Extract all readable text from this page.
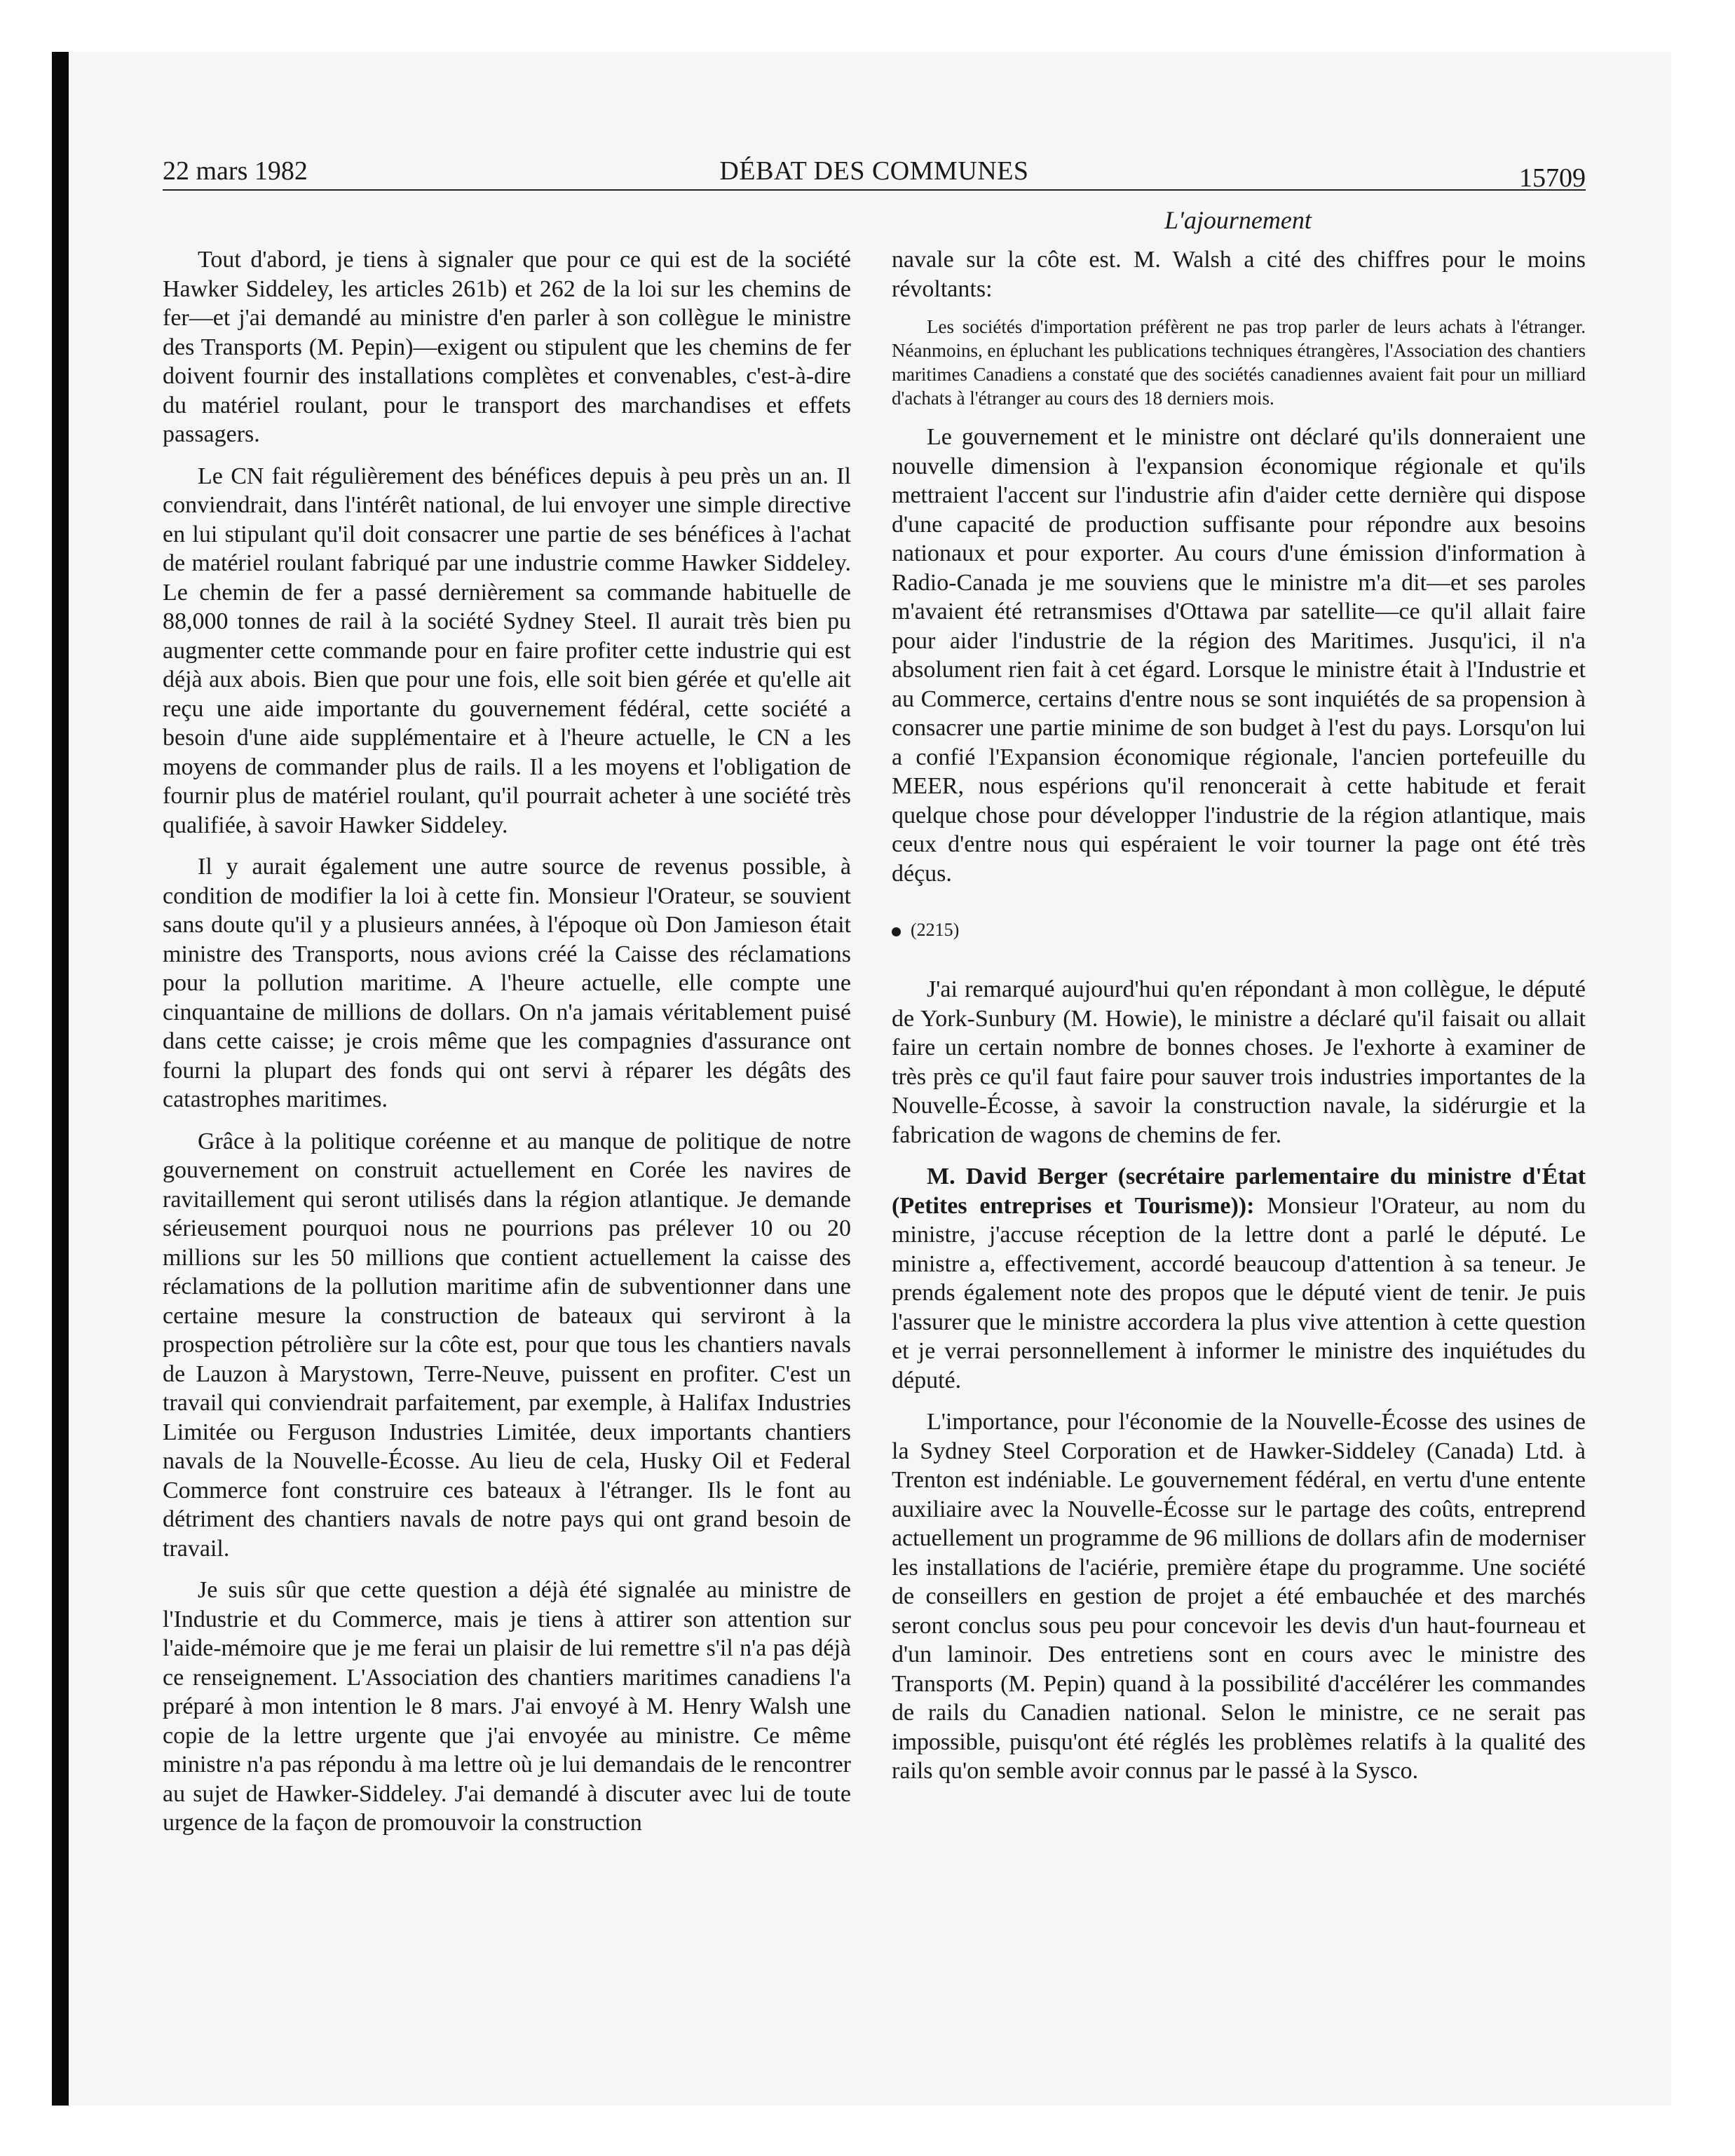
22 mars 1982	DÉBAT DES COMMUNES	15709
L'ajournement

Tout d'abord, je tiens à signaler que pour ce qui est de la société Hawker Siddeley, les articles 261b) et 262 de la loi sur les chemins de fer—et j'ai demandé au ministre d'en parler à son collègue le ministre des Transports (M. Pepin)—exigent ou stipulent que les chemins de fer doivent fournir des installations complètes et convenables, c'est-à-dire du matériel roulant, pour le transport des marchandises et effets passagers.

Le CN fait régulièrement des bénéfices depuis à peu près un an. Il conviendrait, dans l'intérêt national, de lui envoyer une simple directive en lui stipulant qu'il doit consacrer une partie de ses bénéfices à l'achat de matériel roulant fabriqué par une industrie comme Hawker Siddeley. Le chemin de fer a passé dernièrement sa commande habituelle de 88,000 tonnes de rail à la société Sydney Steel. Il aurait très bien pu augmenter cette commande pour en faire profiter cette industrie qui est déjà aux abois. Bien que pour une fois, elle soit bien gérée et qu'elle ait reçu une aide importante du gouvernement fédéral, cette société a besoin d'une aide supplémentaire et à l'heure actuelle, le CN a les moyens de commander plus de rails. Il a les moyens et l'obligation de fournir plus de matériel roulant, qu'il pourrait acheter à une société très qualifiée, à savoir Hawker Siddeley.

Il y aurait également une autre source de revenus possible, à condition de modifier la loi à cette fin. Monsieur l'Orateur, se souvient sans doute qu'il y a plusieurs années, à l'époque où Don Jamieson était ministre des Transports, nous avions créé la Caisse des réclamations pour la pollution maritime. A l'heure actuelle, elle compte une cinquantaine de millions de dollars. On n'a jamais véritablement puisé dans cette caisse; je crois même que les compagnies d'assurance ont fourni la plupart des fonds qui ont servi à réparer les dégâts des catastrophes maritimes.

Grâce à la politique coréenne et au manque de politique de notre gouvernement on construit actuellement en Corée les navires de ravitaillement qui seront utilisés dans la région atlantique. Je demande sérieusement pourquoi nous ne pourrions pas prélever 10 ou 20 millions sur les 50 millions que contient actuellement la caisse des réclamations de la pollution maritime afin de subventionner dans une certaine mesure la construction de bateaux qui serviront à la prospection pétrolière sur la côte est, pour que tous les chantiers navals de Lauzon à Marystown, Terre-Neuve, puissent en profiter. C'est un travail qui conviendrait parfaitement, par exemple, à Halifax Industries Limitée ou Ferguson Industries Limitée, deux importants chantiers navals de la Nouvelle-Écosse. Au lieu de cela, Husky Oil et Federal Commerce font construire ces bateaux à l'étranger. Ils le font au détriment des chantiers navals de notre pays qui ont grand besoin de travail.

Je suis sûr que cette question a déjà été signalée au ministre de l'Industrie et du Commerce, mais je tiens à attirer son attention sur l'aide-mémoire que je me ferai un plaisir de lui remettre s'il n'a pas déjà ce renseignement. L'Association des chantiers maritimes canadiens l'a préparé à mon intention le 8 mars. J'ai envoyé à M. Henry Walsh une copie de la lettre urgente que j'ai envoyée au ministre. Ce même ministre n'a pas répondu à ma lettre où je lui demandais de le rencontrer au sujet de Hawker-Siddeley. J'ai demandé à discuter avec lui de toute urgence de la façon de promouvoir la construction

navale sur la côte est. M. Walsh a cité des chiffres pour le moins révoltants:

Les sociétés d'importation préfèrent ne pas trop parler de leurs achats à l'étranger. Néanmoins, en épluchant les publications techniques étrangères, l'Association des chantiers maritimes Canadiens a constaté que des sociétés canadiennes avaient fait pour un milliard d'achats à l'étranger au cours des 18 derniers mois.

Le gouvernement et le ministre ont déclaré qu'ils donneraient une nouvelle dimension à l'expansion économique régionale et qu'ils mettraient l'accent sur l'industrie afin d'aider cette dernière qui dispose d'une capacité de production suffisante pour répondre aux besoins nationaux et pour exporter. Au cours d'une émission d'information à Radio-Canada je me souviens que le ministre m'a dit—et ses paroles m'avaient été retransmises d'Ottawa par satellite—ce qu'il allait faire pour aider l'industrie de la région des Maritimes. Jusqu'ici, il n'a absolument rien fait à cet égard. Lorsque le ministre était à l'Industrie et au Commerce, certains d'entre nous se sont inquiétés de sa propension à consacrer une partie minime de son budget à l'est du pays. Lorsqu'on lui a confié l'Expansion économique régionale, l'ancien portefeuille du MEER, nous espérions qu'il renoncerait à cette habitude et ferait quelque chose pour développer l'industrie de la région atlantique, mais ceux d'entre nous qui espéraient le voir tourner la page ont été très déçus.

(2215)

J'ai remarqué aujourd'hui qu'en répondant à mon collègue, le député de York-Sunbury (M. Howie), le ministre a déclaré qu'il faisait ou allait faire un certain nombre de bonnes choses. Je l'exhorte à examiner de très près ce qu'il faut faire pour sauver trois industries importantes de la Nouvelle-Écosse, à savoir la construction navale, la sidérurgie et la fabrication de wagons de chemins de fer.

M. David Berger (secrétaire parlementaire du ministre d'État (Petites entreprises et Tourisme)): Monsieur l'Orateur, au nom du ministre, j'accuse réception de la lettre dont a parlé le député. Le ministre a, effectivement, accordé beaucoup d'attention à sa teneur. Je prends également note des propos que le député vient de tenir. Je puis l'assurer que le ministre accordera la plus vive attention à cette question et je verrai personnellement à informer le ministre des inquiétudes du député.

L'importance, pour l'économie de la Nouvelle-Écosse des usines de la Sydney Steel Corporation et de Hawker-Siddeley (Canada) Ltd. à Trenton est indéniable. Le gouvernement fédéral, en vertu d'une entente auxiliaire avec la Nouvelle-Écosse sur le partage des coûts, entreprend actuellement un programme de 96 millions de dollars afin de moderniser les installations de l'aciérie, première étape du programme. Une société de conseillers en gestion de projet a été embauchée et des marchés seront conclus sous peu pour concevoir les devis d'un haut-fourneau et d'un laminoir. Des entretiens sont en cours avec le ministre des Transports (M. Pepin) quand à la possibilité d'accélérer les commandes de rails du Canadien national. Selon le ministre, ce ne serait pas impossible, puisqu'ont été réglés les problèmes relatifs à la qualité des rails qu'on semble avoir connus par le passé à la Sysco.
